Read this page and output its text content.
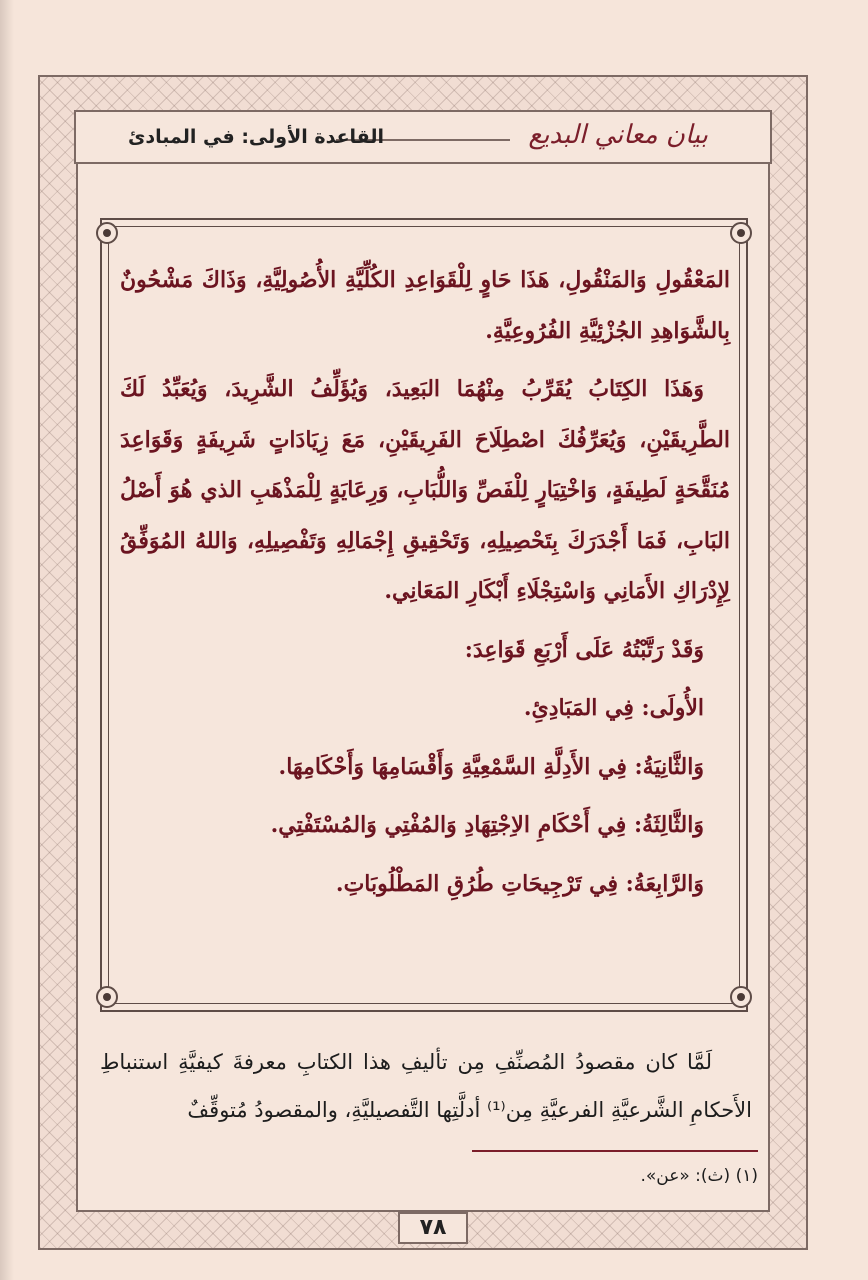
بيان معاني البديع
القاعدة الأولى: في المبادئ

المَعْقُولِ وَالمَنْقُولِ، هَذَا حَاوٍ لِلْقَوَاعِدِ الكُلِّيَّةِ الأُصُولِيَّةِ، وَذَاكَ مَشْحُونٌ بِالشَّوَاهِدِ الجُزْئِيَّةِ الفُرُوعِيَّةِ.

وَهَذَا الكِتَابُ يُقَرِّبُ مِنْهُمَا البَعِيدَ، وَيُؤَلِّفُ الشَّرِيدَ، وَيُعَبِّدُ لَكَ الطَّرِيقَيْنِ، وَيُعَرِّفُكَ اصْطِلَاحَ الفَرِيقَيْنِ، مَعَ زِيَادَاتٍ شَرِيفَةٍ وَقَوَاعِدَ مُنَقَّحَةٍ لَطِيفَةٍ، وَاخْتِيَارٍ لِلْفَصِّ وَاللُّبَابِ، وَرِعَايَةٍ لِلْمَذْهَبِ الذي هُوَ أَصْلُ البَابِ، فَمَا أَجْدَرَكَ بِتَحْصِيلِهِ، وَتَحْقِيقِ إِجْمَالِهِ وَتَفْصِيلِهِ، وَاللهُ المُوَفِّقُ لِإِدْرَاكِ الأَمَانِي وَاسْتِجْلَاءِ أَبْكَارِ المَعَانِي.

وَقَدْ رَتَّبْتُهُ عَلَى أَرْبَعِ قَوَاعِدَ:

الأُولَى: فِي المَبَادِئِ.

وَالثَّانِيَةُ: فِي الأَدِلَّةِ السَّمْعِيَّةِ وَأَقْسَامِهَا وَأَحْكَامِهَا.

وَالثَّالِثَةُ: فِي أَحْكَامِ الاِجْتِهَادِ وَالمُفْتِي وَالمُسْتَفْتِي.

وَالرَّابِعَةُ: فِي تَرْجِيحَاتِ طُرُقِ المَطْلُوبَاتِ.

لَمَّا كان مقصودُ المُصنِّفِ مِن تأليفِ هذا الكتابِ معرفةَ كيفيَّةِ استنباطِ الأَحكامِ الشَّرعيَّةِ الفرعيَّةِ مِن⁽¹⁾ أدلَّتِها التَّفصيليَّةِ، والمقصودُ مُتوقِّفٌ

(١) (ث): «عن».
٧٨
